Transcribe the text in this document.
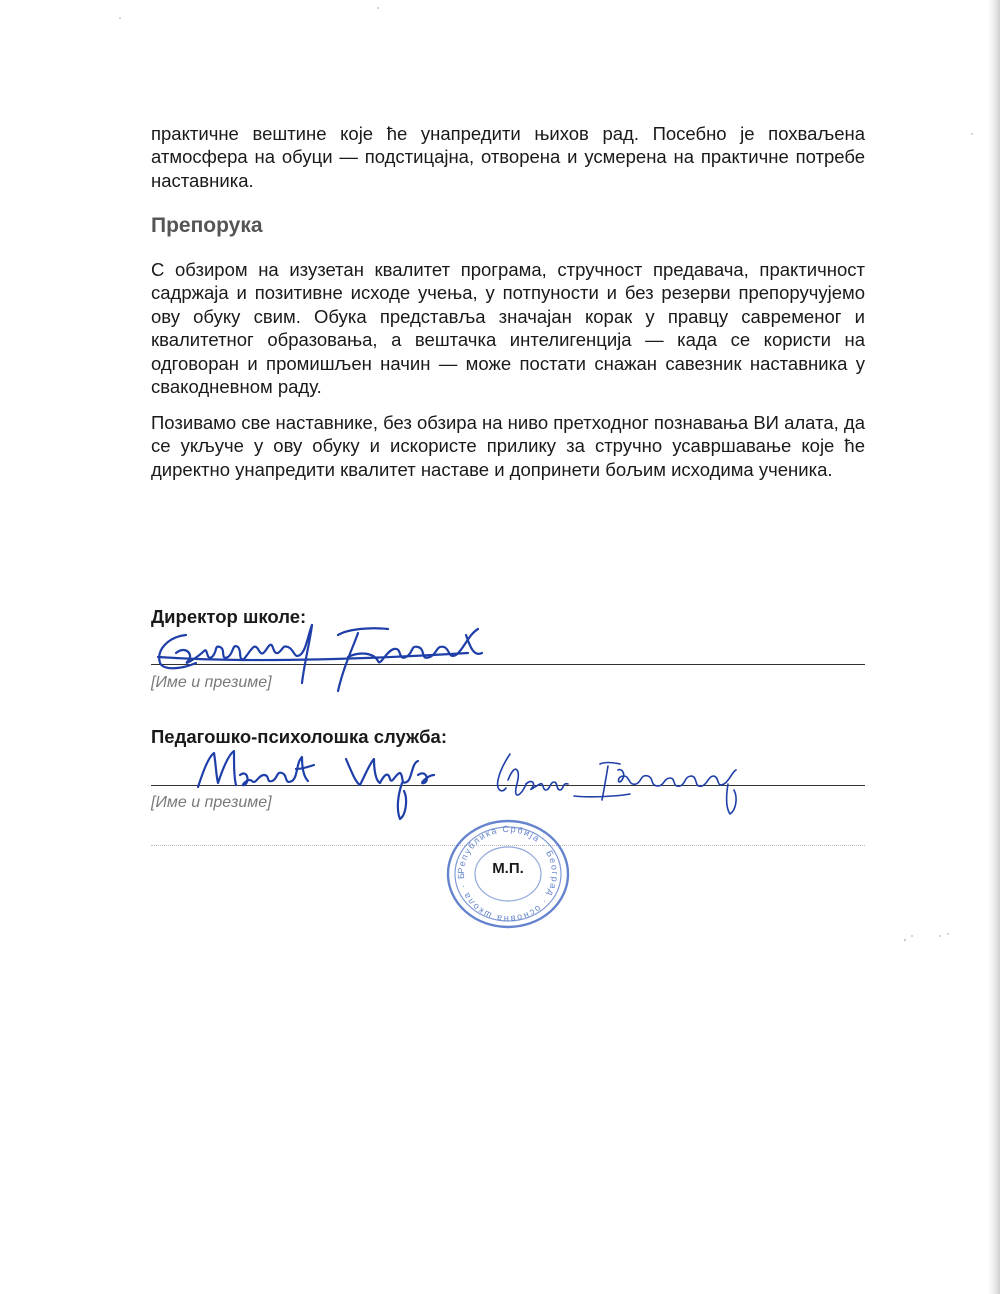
практичне вештине које ће унапредити њихов рад. Посебно је похваљена атмосфера на обуци — подстицајна, отворена и усмерена на практичне потребе наставника.

Препорука

С обзиром на изузетан квалитет програма, стручност предавача, практичност садржаја и позитивне исходе учења, у потпуности и без резерви препоручујемо ову обуку свим. Обука представља значајан корак у правцу савременог и квалитетног образовања, а вештачка интелигенција — када се користи на одговоран и промишљен начин — може постати снажан савезник наставника у свакодневном раду.

Позивамо све наставнике, без обзира на ниво претходног познавања ВИ алата, да се укључе у ову обуку и искористе прилику за стручно усавршавање које ће директно унапредити квалитет наставе и допринети бољим исходима ученика.

Директор школе:

[Име и презиме]

Педагошко-психолошка служба:

[Име и презиме]

Република Србија · Београд · основна школа · Б	М.П.
